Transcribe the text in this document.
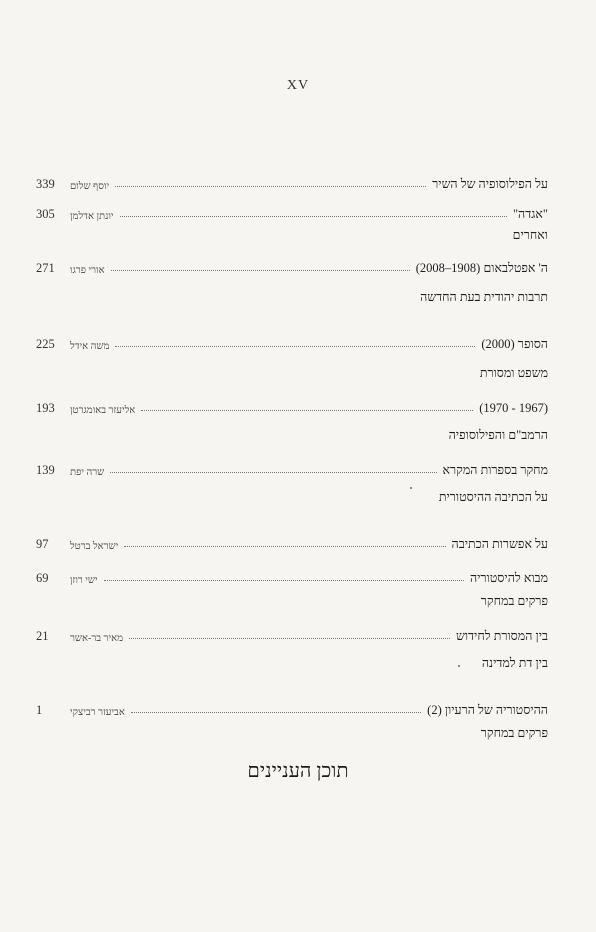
XV
339	יוסף שלום	על הפילוסופיה של השיר
305	יונתן אדלמן	"אגדה"
ואחרים
271	אורי פרגו	ה' אפטלבאום (1908–2008)
תרבות יהודית בעת החדשה
225	משה אידל	הסופר (2000)
משפט ומסורת
193	אליעזר באומגרטן	(1970 - 1967)
הרמב"ם והפילוסופיה
139	שרה יפת	מחקר בספרות המקרא
על הכתיבה ההיסטורית
97	ישראל ברטל	על אפשרות הכתיבה
69	ישי רוזן	מבוא להיסטוריה
פרקים במחקר
21	מאיר בר-אשר	בין המסורת לחידוש
בין דת למדינה
1	אביעזר רביצקי	(2) ההיסטוריה של הרעיון
פרקים במחקר
תוכן העניינים
